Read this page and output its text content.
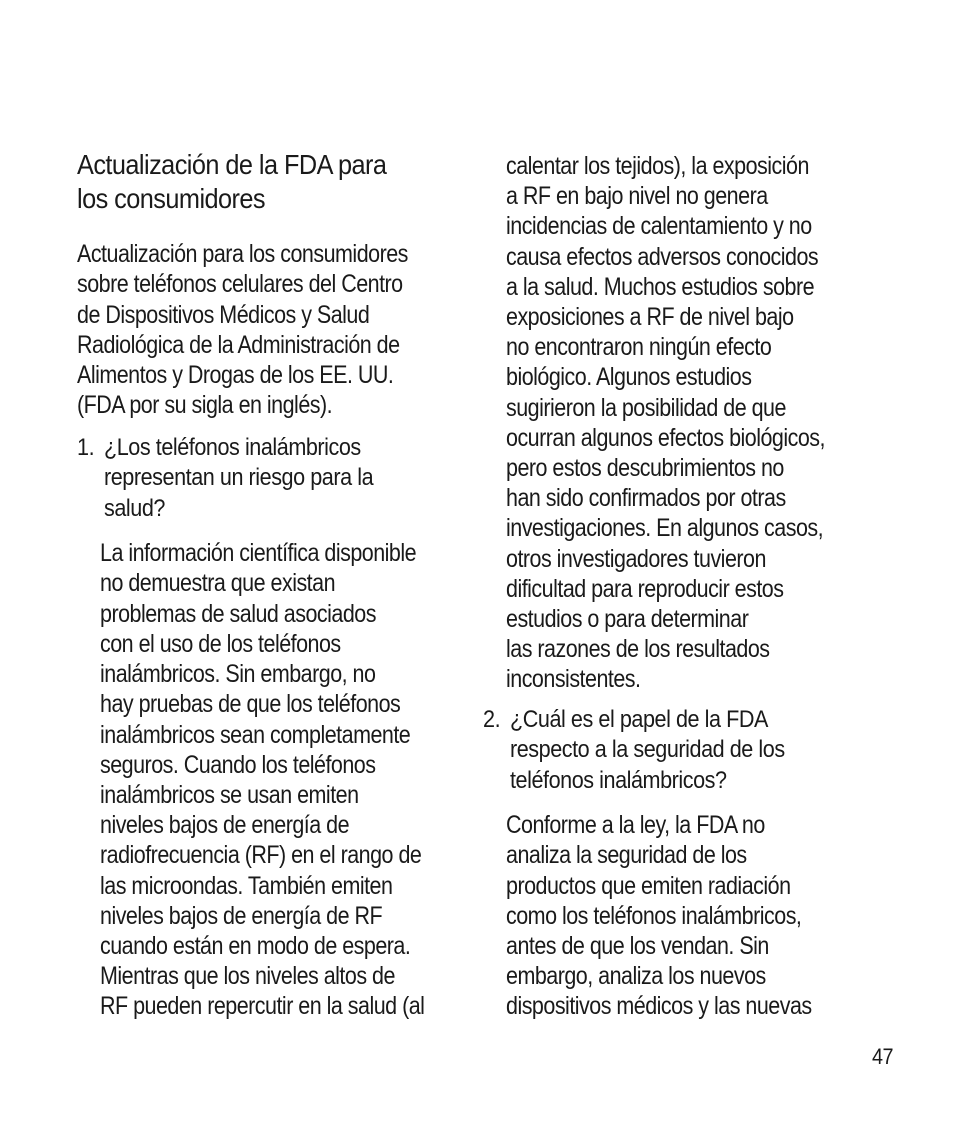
Actualización de la FDA para
los consumidores

Actualización para los consumidores
sobre teléfonos celulares del Centro
de Dispositivos Médicos y Salud
Radiológica de la Administración de
Alimentos y Drogas de los EE. UU.
(FDA por su sigla en inglés).

1. ¿Los teléfonos inalámbricos
representan un riesgo para la
salud?

La información científica disponible
no demuestra que existan
problemas de salud asociados
con el uso de los teléfonos
inalámbricos. Sin embargo, no
hay pruebas de que los teléfonos
inalámbricos sean completamente
seguros. Cuando los teléfonos
inalámbricos se usan emiten
niveles bajos de energía de
radiofrecuencia (RF) en el rango de
las microondas. También emiten
niveles bajos de energía de RF
cuando están en modo de espera.
Mientras que los niveles altos de
RF pueden repercutir en la salud (al

calentar los tejidos), la exposición
a RF en bajo nivel no genera
incidencias de calentamiento y no
causa efectos adversos conocidos
a la salud. Muchos estudios sobre
exposiciones a RF de nivel bajo
no encontraron ningún efecto
biológico. Algunos estudios
sugirieron la posibilidad de que
ocurran algunos efectos biológicos,
pero estos descubrimientos no
han sido confirmados por otras
investigaciones. En algunos casos,
otros investigadores tuvieron
dificultad para reproducir estos
estudios o para determinar
las razones de los resultados
inconsistentes.

2. ¿Cuál es el papel de la FDA
respecto a la seguridad de los
teléfonos inalámbricos?

Conforme a la ley, la FDA no
analiza la seguridad de los
productos que emiten radiación
como los teléfonos inalámbricos,
antes de que los vendan. Sin
embargo, analiza los nuevos
dispositivos médicos y las nuevas

47
